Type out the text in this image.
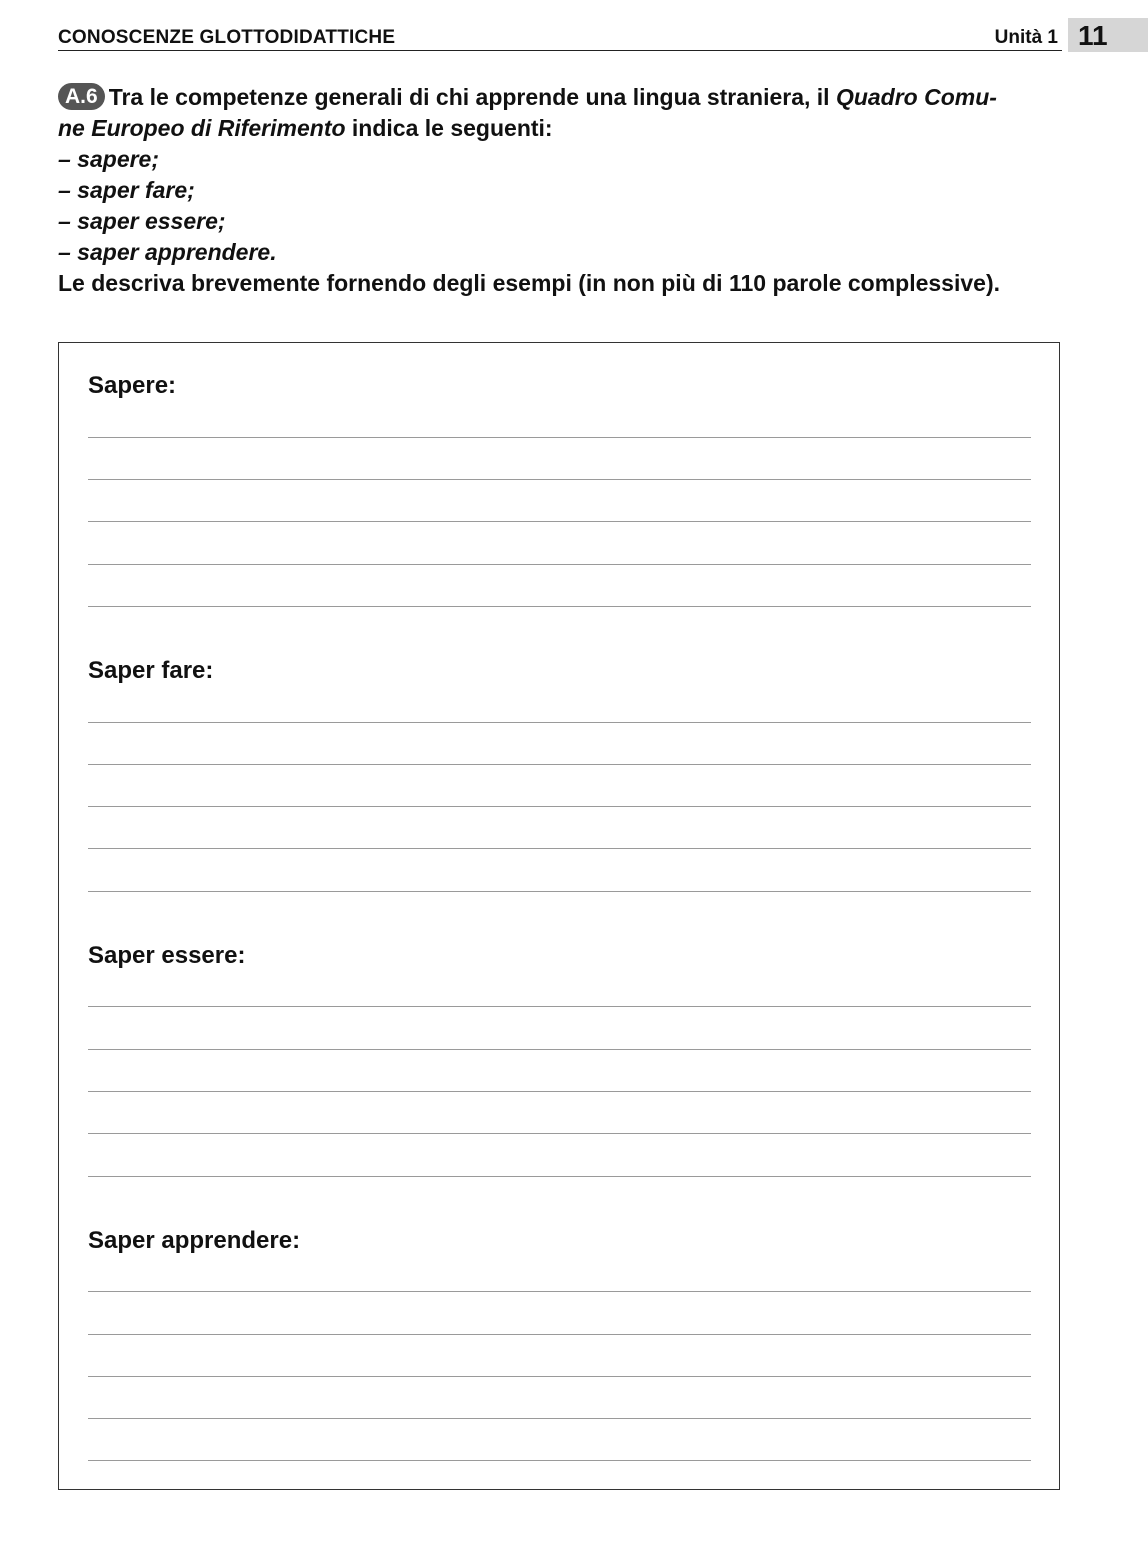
CONOSCENZE GLOTTODIDATTICHE	Unità 1 11
A.6 Tra le competenze generali di chi apprende una lingua straniera, il Quadro Comu-
ne Europeo di Riferimento indica le seguenti:
– sapere;
– saper fare;
– saper essere;
– saper apprendere.
Le descriva brevemente fornendo degli esempi (in non più di 110 parole complessive).
Sapere:
Saper fare:
Saper essere:
Saper apprendere:
